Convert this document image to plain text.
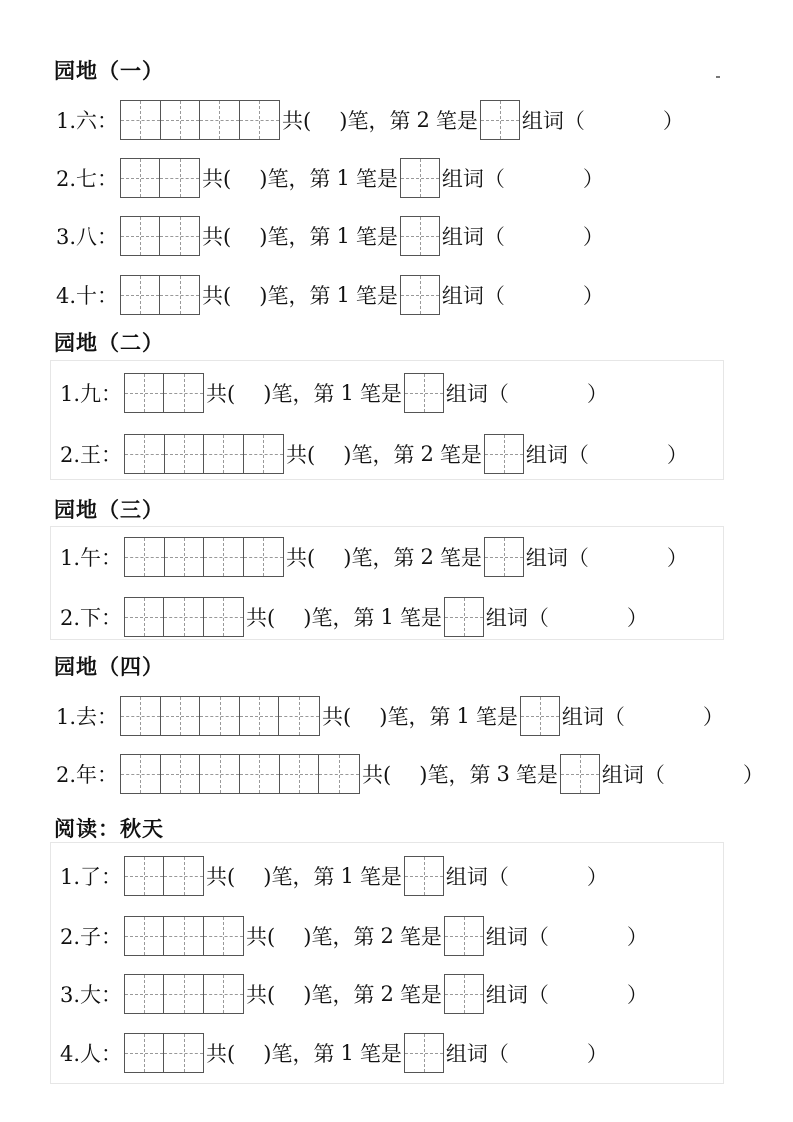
园地（一）
1.六：	共( )笔，第 2 笔是 组词（	）
2.七：	共( )笔，第 1 笔是 组词（	）
3.八：	共( )笔，第 1 笔是 组词（	）
4.十：	共( )笔，第 1 笔是 组词（	）
园地（二）
1.九：	共( )笔，第 1 笔是 组词（	）
2.王：	共( )笔，第 2 笔是 组词（	）
园地（三）
1.午：	共( )笔，第 2 笔是 组词（	）
2.下：	共( )笔，第 1 笔是 组词（	）
园地（四）
1.去：	共( )笔，第 1 笔是 组词（	）
2.年：	共( )笔，第 3 笔是 组词（	）
阅读：秋天
1.了：	共( )笔，第 1 笔是 组词（	）
2.子：	共( )笔，第 2 笔是 组词（	）
3.大：	共( )笔，第 2 笔是 组词（	）
4.人：	共( )笔，第 1 笔是 组词（	）
